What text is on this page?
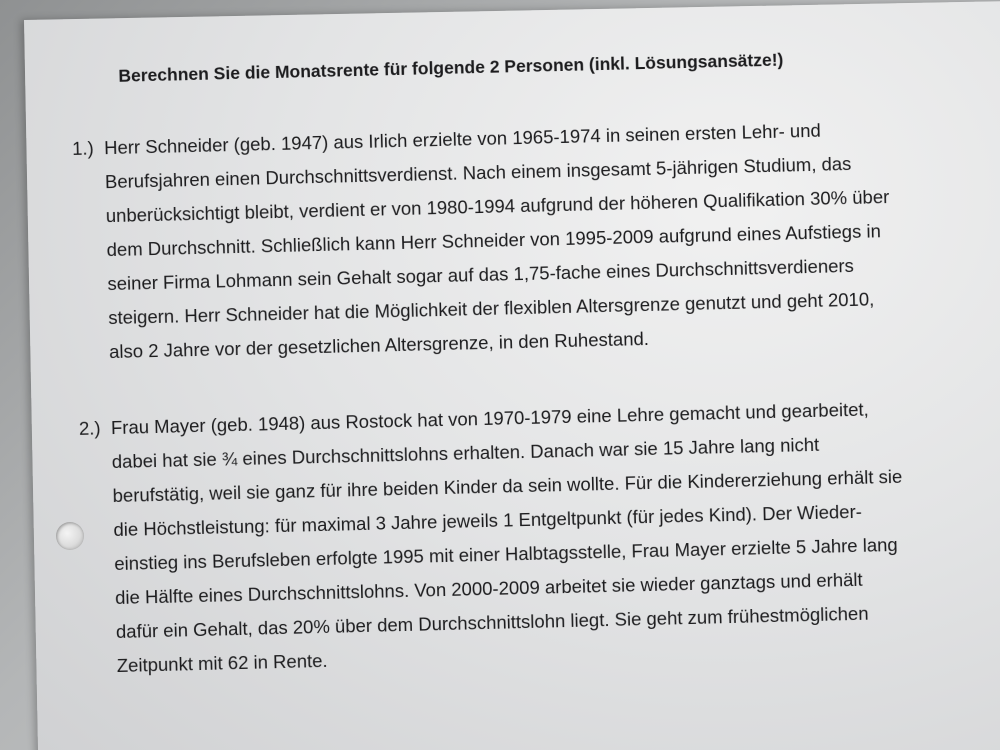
Berechnen Sie die Monatsrente für folgende 2 Personen (inkl. Lösungsansätze!)
1.) Herr Schneider (geb. 1947) aus Irlich erzielte von 1965-1974 in seinen ersten Lehr- und
Berufsjahren einen Durchschnittsverdienst. Nach einem insgesamt 5-jährigen Studium, das
unberücksichtigt bleibt, verdient er von 1980-1994 aufgrund der höheren Qualifikation 30% über
dem Durchschnitt. Schließlich kann Herr Schneider von 1995-2009 aufgrund eines Aufstiegs in
seiner Firma Lohmann sein Gehalt sogar auf das 1,75-fache eines Durchschnittsverdieners
steigern. Herr Schneider hat die Möglichkeit der flexiblen Altersgrenze genutzt und geht 2010,
also 2 Jahre vor der gesetzlichen Altersgrenze, in den Ruhestand.
2.) Frau Mayer (geb. 1948) aus Rostock hat von 1970-1979 eine Lehre gemacht und gearbeitet,
dabei hat sie ¾ eines Durchschnittslohns erhalten. Danach war sie 15 Jahre lang nicht
berufstätig, weil sie ganz für ihre beiden Kinder da sein wollte. Für die Kindererziehung erhält sie
die Höchstleistung: für maximal 3 Jahre jeweils 1 Entgeltpunkt (für jedes Kind). Der Wieder-
einstieg ins Berufsleben erfolgte 1995 mit einer Halbtagsstelle, Frau Mayer erzielte 5 Jahre lang
die Hälfte eines Durchschnittslohns. Von 2000-2009 arbeitet sie wieder ganztags und erhält
dafür ein Gehalt, das 20% über dem Durchschnittslohn liegt. Sie geht zum frühestmöglichen
Zeitpunkt mit 62 in Rente.
